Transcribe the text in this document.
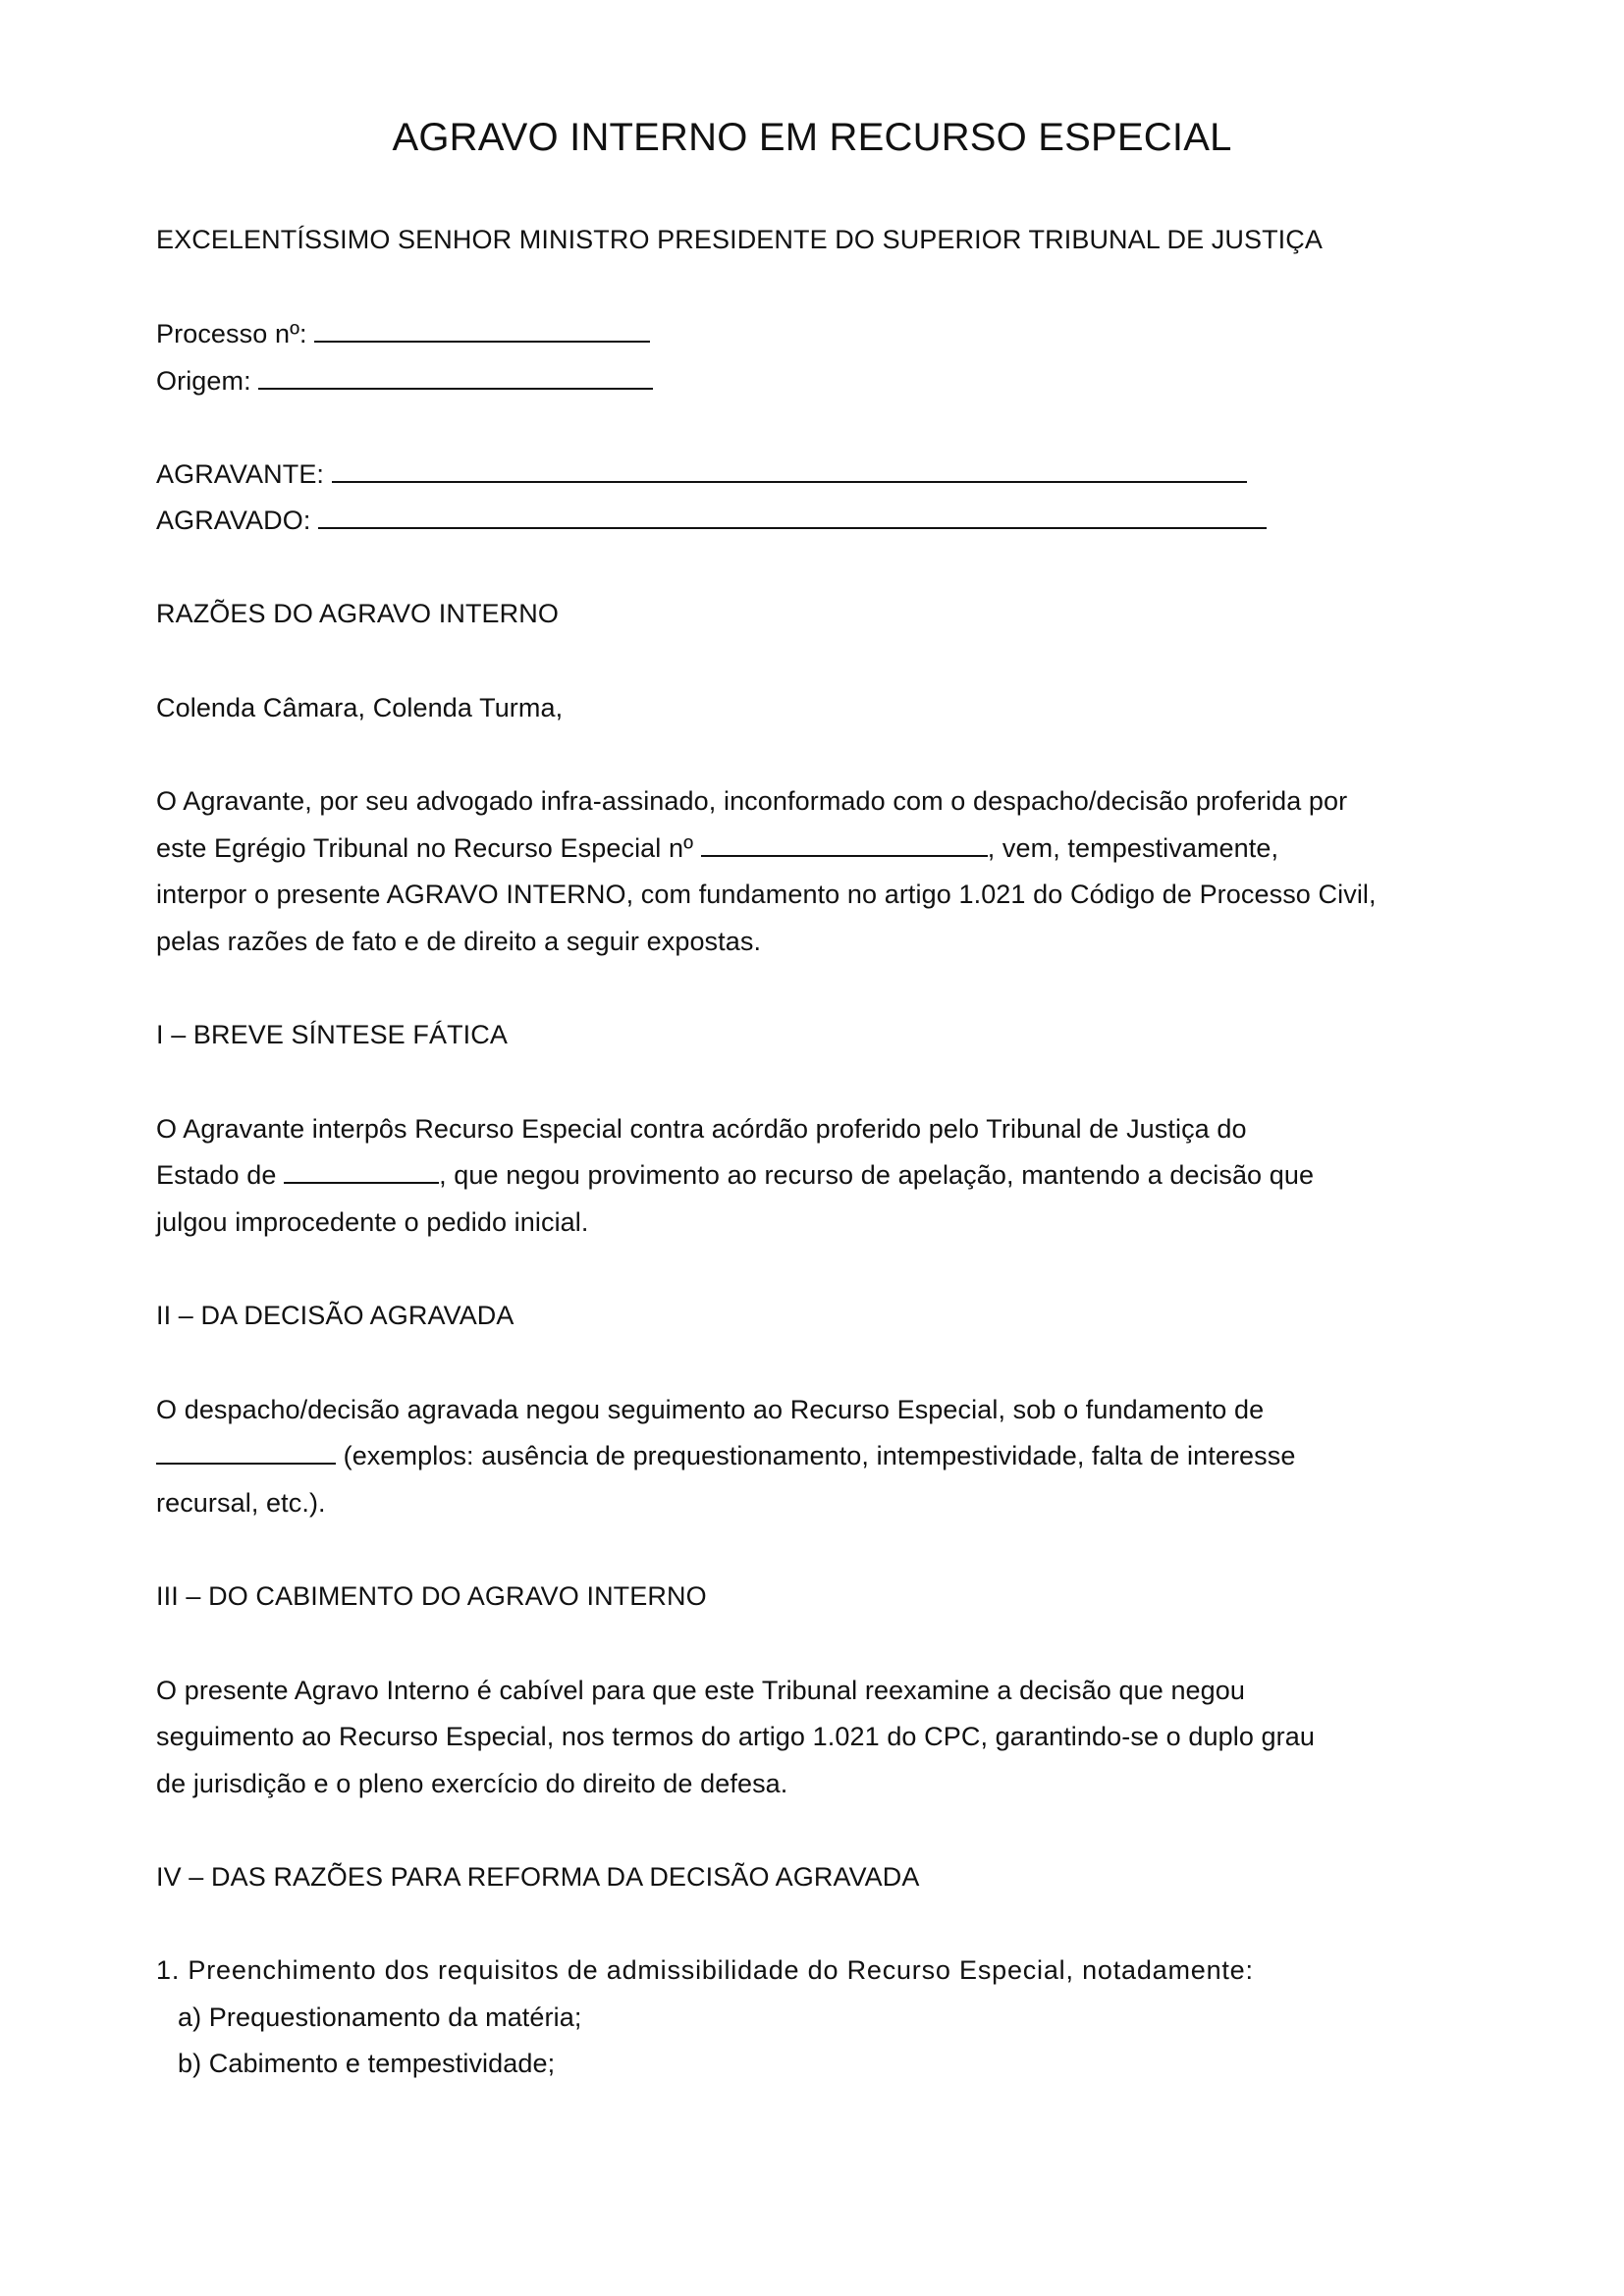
AGRAVO INTERNO EM RECURSO ESPECIAL
EXCELENTÍSSIMO SENHOR MINISTRO PRESIDENTE DO SUPERIOR TRIBUNAL DE JUSTIÇA
Processo nº:
Origem:
AGRAVANTE:
AGRAVADO:
RAZÕES DO AGRAVO INTERNO
Colenda Câmara, Colenda Turma,
O Agravante, por seu advogado infra-assinado, inconformado com o despacho/decisão proferida por
este Egrégio Tribunal no Recurso Especial nº	, vem, tempestivamente,
interpor o presente AGRAVO INTERNO, com fundamento no artigo 1.021 do Código de Processo Civil,
pelas razões de fato e de direito a seguir expostas.
I – BREVE SÍNTESE FÁTICA
O Agravante interpôs Recurso Especial contra acórdão proferido pelo Tribunal de Justiça do
Estado de	, que negou provimento ao recurso de apelação, mantendo a decisão que
julgou improcedente o pedido inicial.
II – DA DECISÃO AGRAVADA
O despacho/decisão agravada negou seguimento ao Recurso Especial, sob o fundamento de
(exemplos: ausência de prequestionamento, intempestividade, falta de interesse
recursal, etc.).
III – DO CABIMENTO DO AGRAVO INTERNO
O presente Agravo Interno é cabível para que este Tribunal reexamine a decisão que negou
seguimento ao Recurso Especial, nos termos do artigo 1.021 do CPC, garantindo-se o duplo grau
de jurisdição e o pleno exercício do direito de defesa.
IV – DAS RAZÕES PARA REFORMA DA DECISÃO AGRAVADA
1. Preenchimento dos requisitos de admissibilidade do Recurso Especial, notadamente:
a) Prequestionamento da matéria;
b) Cabimento e tempestividade;
